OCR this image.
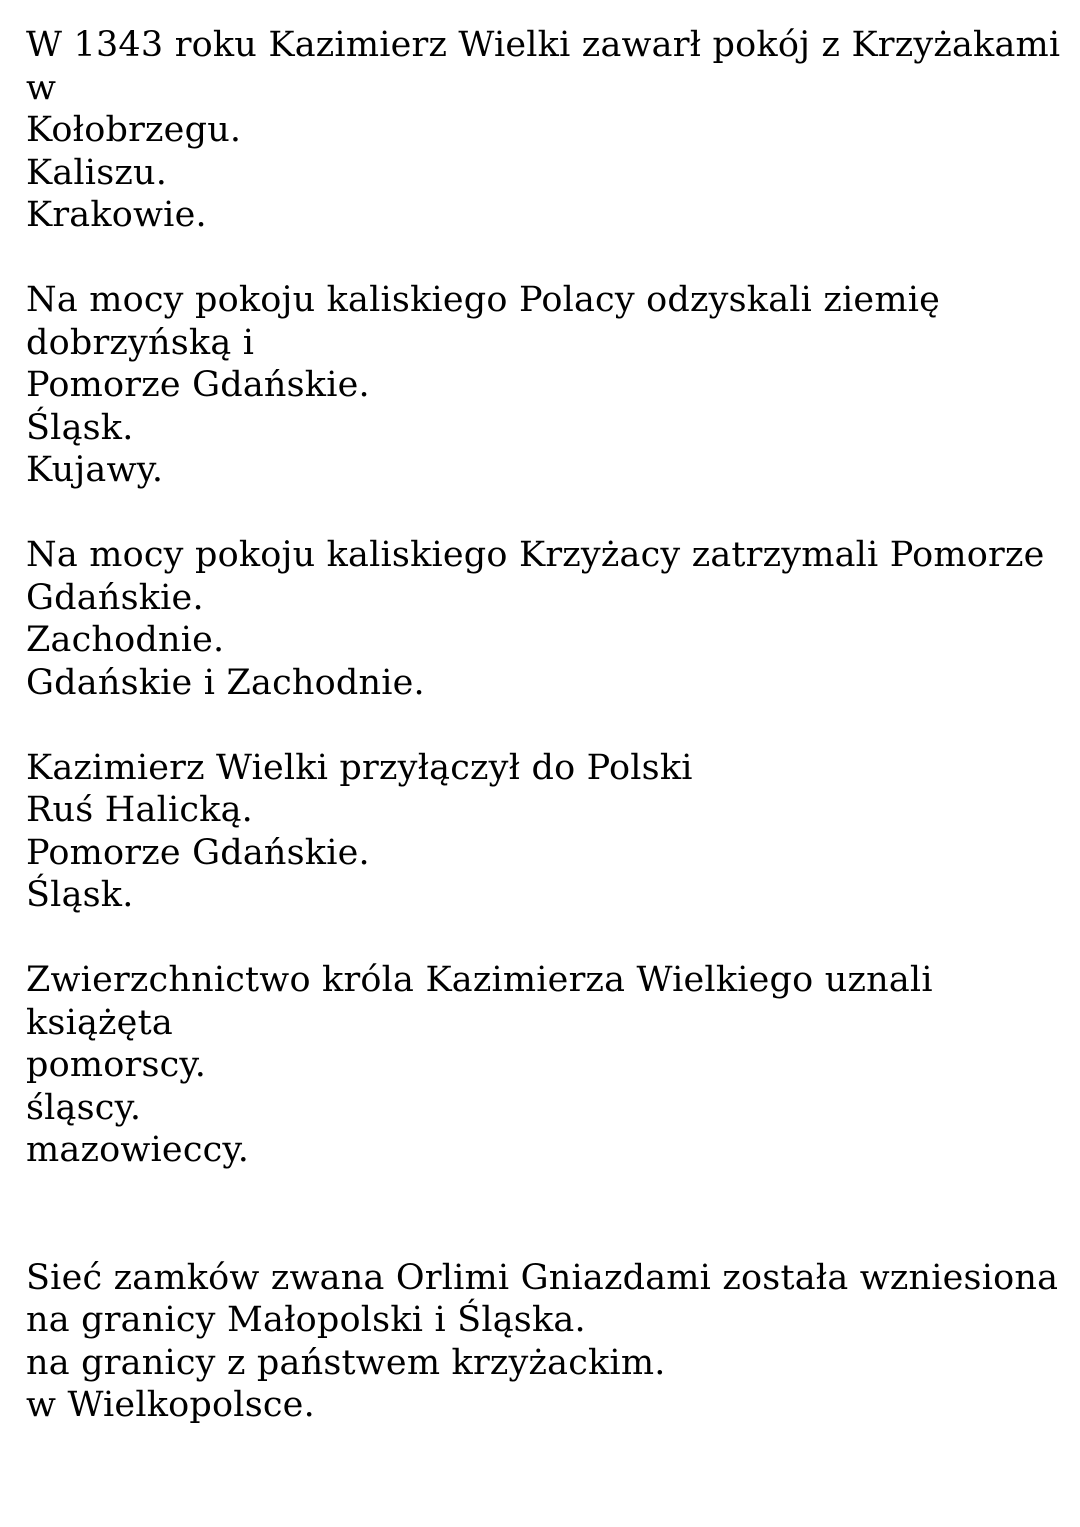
W 1343 roku Kazimierz Wielki zawarł pokój z Krzyżakami
w
Kołobrzegu.
Kaliszu.
Krakowie.
Na mocy pokoju kaliskiego Polacy odzyskali ziemię
dobrzyńską i
Pomorze Gdańskie.
Śląsk.
Kujawy.
Na mocy pokoju kaliskiego Krzyżacy zatrzymali Pomorze
Gdańskie.
Zachodnie.
Gdańskie i Zachodnie.
Kazimierz Wielki przyłączył do Polski
Ruś Halicką.
Pomorze Gdańskie.
Śląsk.
Zwierzchnictwo króla Kazimierza Wielkiego uznali
książęta
pomorscy.
śląscy.
mazowieccy.
Sieć zamków zwana Orlimi Gniazdami została wzniesiona
na granicy Małopolski i Śląska.
na granicy z państwem krzyżackim.
w Wielkopolsce.
